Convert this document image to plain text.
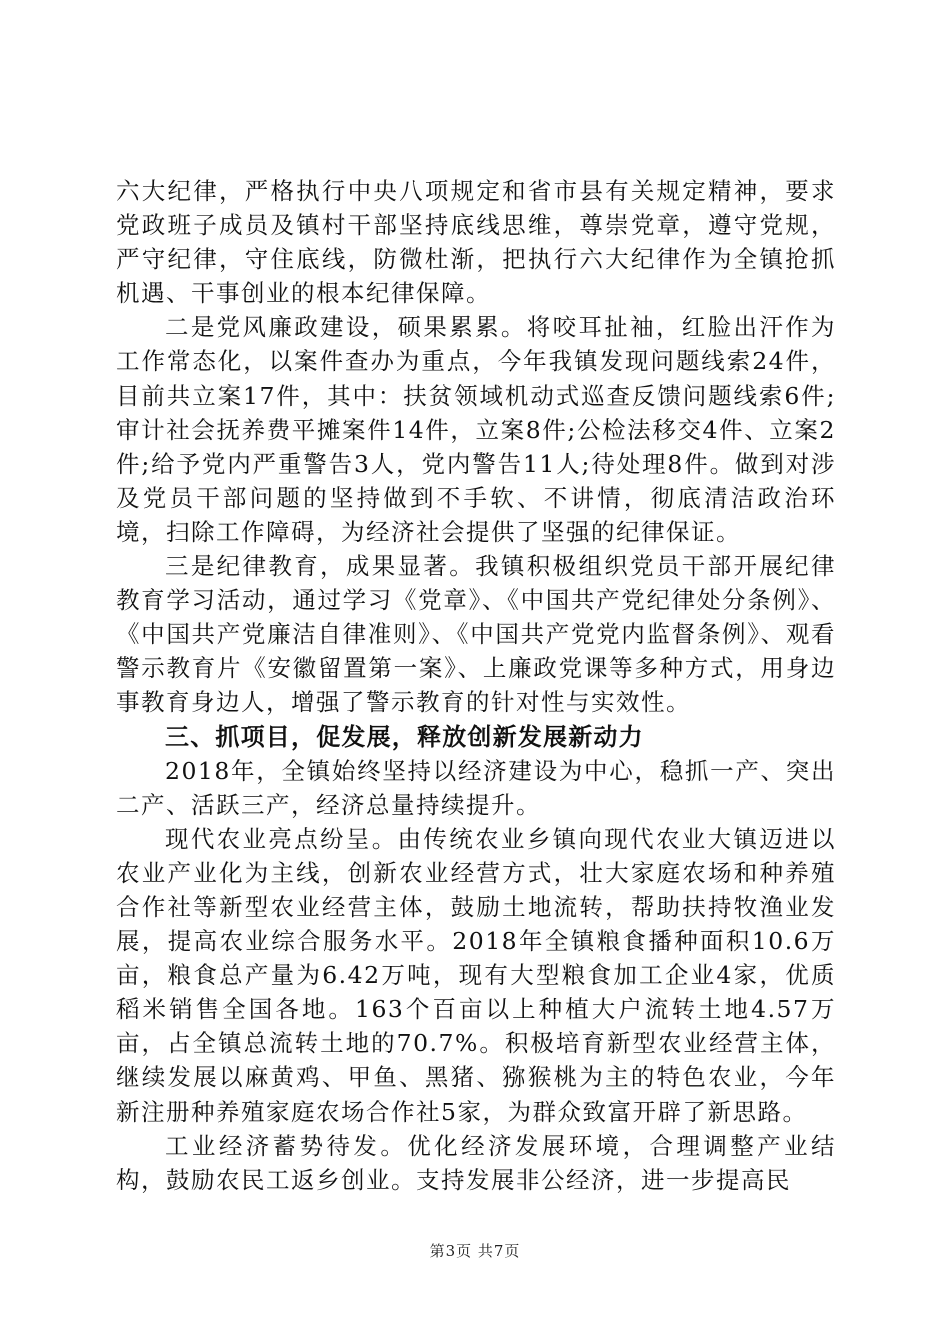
六大纪律，严格执行中央八项规定和省市县有关规定精神，要求党政班子成员及镇村干部坚持底线思维，尊崇党章，遵守党规，严守纪律，守住底线，防微杜渐，把执行六大纪律作为全镇抢抓机遇、干事创业的根本纪律保障。

二是党风廉政建设，硕果累累。将咬耳扯袖，红脸出汗作为工作常态化，以案件查办为重点，今年我镇发现问题线索24件，目前共立案17件，其中：扶贫领域机动式巡查反馈问题线索6件;审计社会抚养费平摊案件14件，立案8件;公检法移交4件、立案2件;给予党内严重警告3人，党内警告11人;待处理8件。做到对涉及党员干部问题的坚持做到不手软、不讲情，彻底清洁政治环境，扫除工作障碍，为经济社会提供了坚强的纪律保证。

三是纪律教育，成果显著。我镇积极组织党员干部开展纪律教育学习活动，通过学习《党章》、《中国共产党纪律处分条例》、《中国共产党廉洁自律准则》、《中国共产党党内监督条例》、观看警示教育片《安徽留置第一案》、上廉政党课等多种方式，用身边事教育身边人，增强了警示教育的针对性与实效性。

三、抓项目，促发展，释放创新发展新动力

2018年，全镇始终坚持以经济建设为中心，稳抓一产、突出二产、活跃三产，经济总量持续提升。

现代农业亮点纷呈。由传统农业乡镇向现代农业大镇迈进以农业产业化为主线，创新农业经营方式，壮大家庭农场和种养殖合作社等新型农业经营主体，鼓励土地流转，帮助扶持牧渔业发展，提高农业综合服务水平。2018年全镇粮食播种面积10.6万亩，粮食总产量为6.42万吨，现有大型粮食加工企业4家，优质稻米销售全国各地。163个百亩以上种植大户流转土地4.57万亩，占全镇总流转土地的70.7%。积极培育新型农业经营主体，继续发展以麻黄鸡、甲鱼、黑猪、猕猴桃为主的特色农业，今年新注册种养殖家庭农场合作社5家，为群众致富开辟了新思路。

工业经济蓄势待发。优化经济发展环境，合理调整产业结构，鼓励农民工返乡创业。支持发展非公经济，进一步提高民

第3页 共7页
